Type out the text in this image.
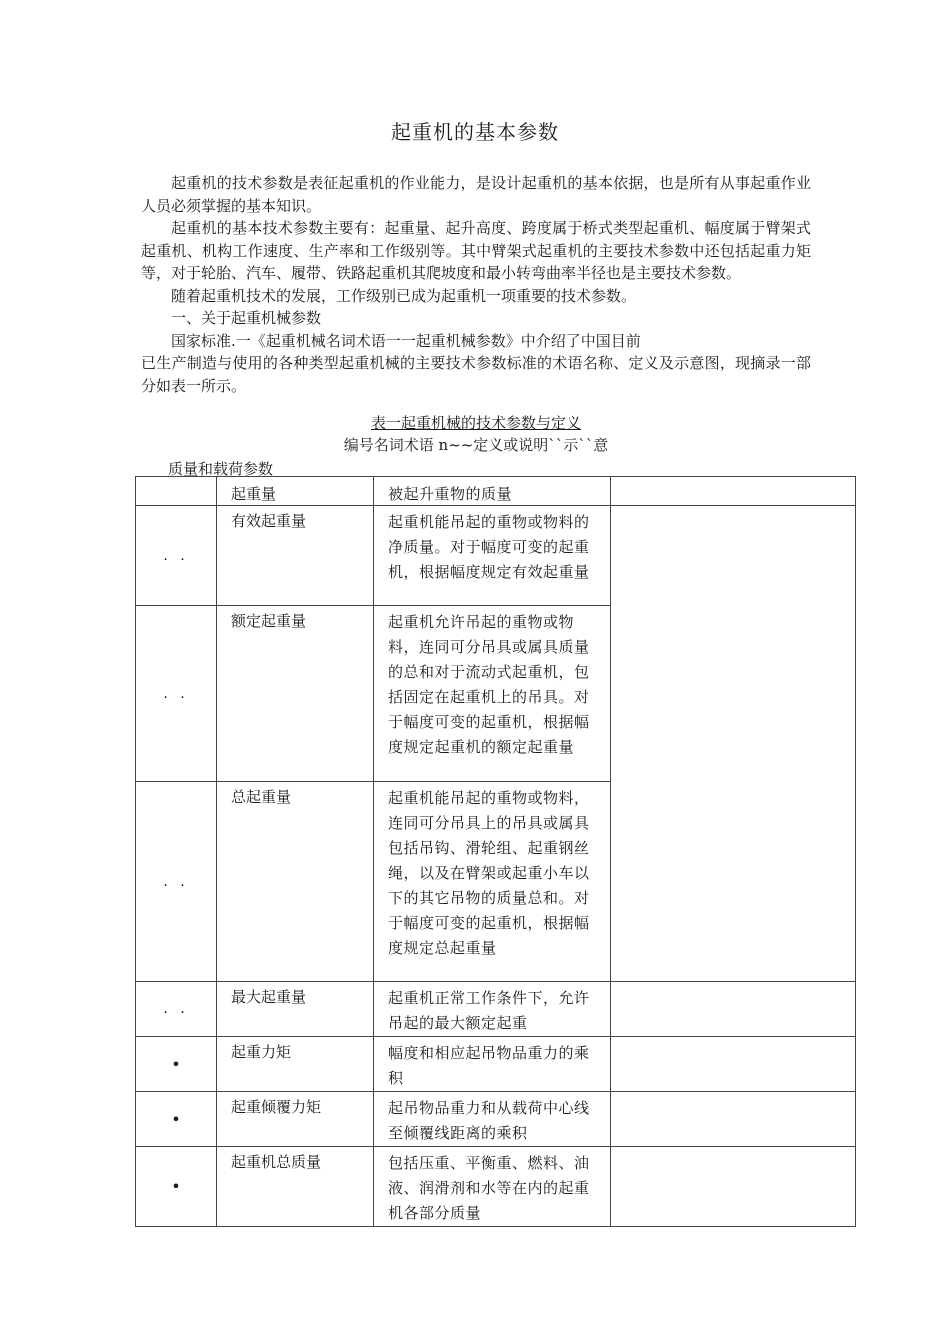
起重机的基本参数

起重机的技术参数是表征起重机的作业能力，是设计起重机的基本依据，也是所有从事起重作业人员必须掌握的基本知识。

起重机的基本技术参数主要有：起重量、起升高度、跨度属于桥式类型起重机、幅度属于臂架式起重机、机构工作速度、生产率和工作级别等。其中臂架式起重机的主要技术参数中还包括起重力矩等，对于轮胎、汽车、履带、铁路起重机其爬坡度和最小转弯曲率半径也是主要技术参数。

随着起重机技术的发展，工作级别已成为起重机一项重要的技术参数。

一、关于起重机械参数

国家标准.一《起重机械名词术语一一起重机械参数》中介绍了中国目前

已生产制造与使用的各种类型起重机械的主要技术参数标准的术语名称、定义及示意图，现摘录一部分如表一所示。

表一起重机械的技术参数与定义
编号名词术语 n~~定义或说明``示``意
质量和载荷参数
	起重量	被起升重物的质量	
. .	有效起重量	起重机能吊起的重物或物料的净质量。对于幅度可变的起重机，根据幅度规定有效起重量	
. .	额定起重量	起重机允许吊起的重物或物料，连同可分吊具或属具质量的总和对于流动式起重机，包括固定在起重机上的吊具。对于幅度可变的起重机，根据幅度规定起重机的额定起重量	
. .	总起重量	起重机能吊起的重物或物料，连同可分吊具上的吊具或属具包括吊钩、滑轮组、起重钢丝绳，以及在臂架或起重小车以下的其它吊物的质量总和。对于幅度可变的起重机，根据幅度规定总起重量	
. .	最大起重量	起重机正常工作条件下，允许吊起的最大额定起重	
•	起重力矩	幅度和相应起吊物品重力的乘积	
•	起重倾覆力矩	起吊物品重力和从载荷中心线至倾覆线距离的乘积	
•	起重机总质量	包括压重、平衡重、燃料、油液、润滑剂和水等在内的起重机各部分质量	
